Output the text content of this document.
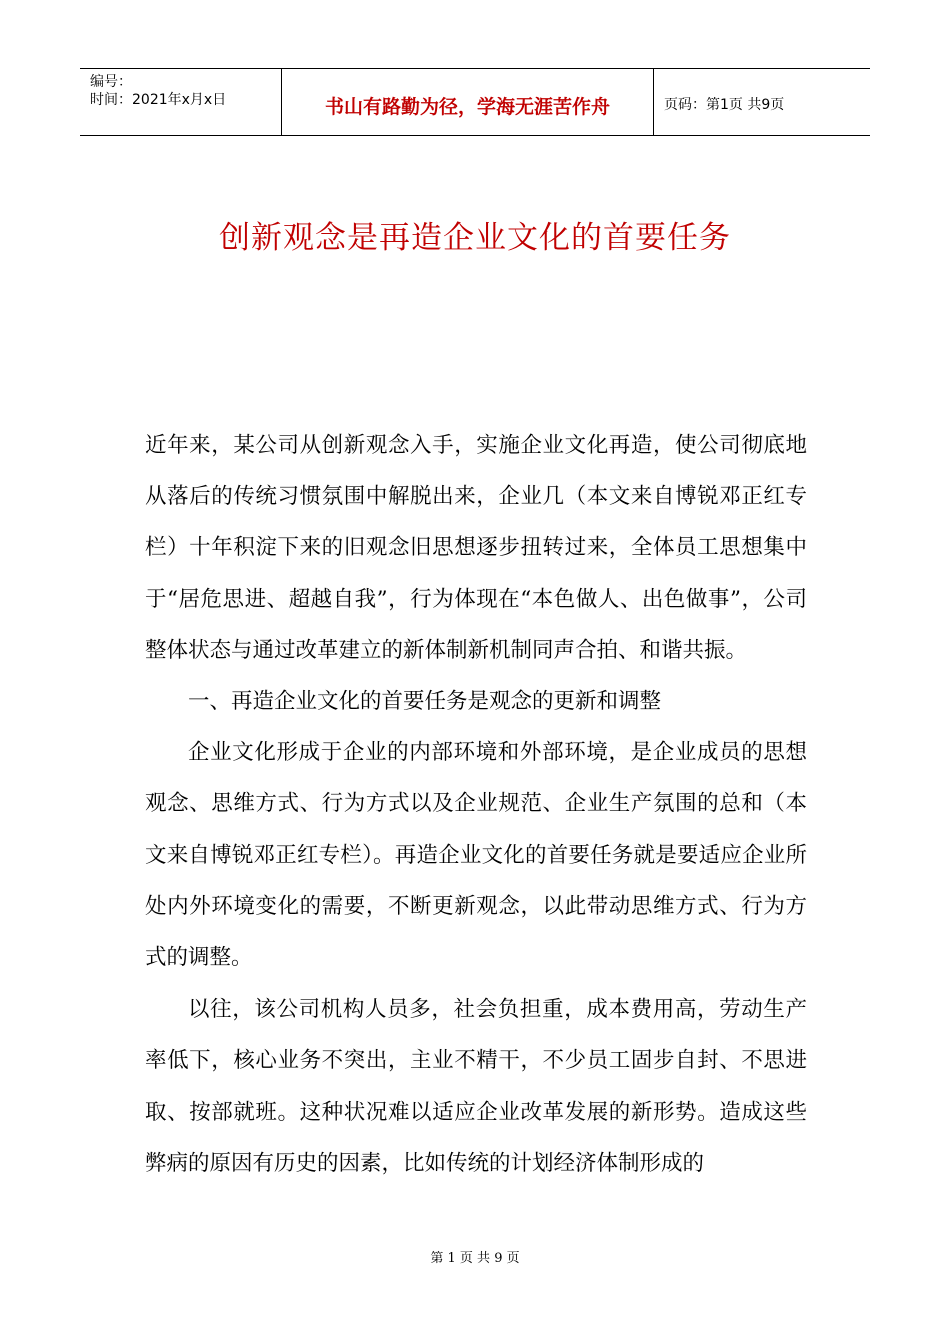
编号：
时间：2021年x月x日	书山有路勤为径，学海无涯苦作舟	页码：第1页 共9页
创新观念是再造企业文化的首要任务

近年来，某公司从创新观念入手，实施企业文化再造，使公司彻底地从落后的传统习惯氛围中解脱出来，企业几（本文来自博锐邓正红专栏）十年积淀下来的旧观念旧思想逐步扭转过来，全体员工思想集中于“居危思进、超越自我”，行为体现在“本色做人、出色做事”，公司整体状态与通过改革建立的新体制新机制同声合拍、和谐共振。

一、再造企业文化的首要任务是观念的更新和调整

企业文化形成于企业的内部环境和外部环境，是企业成员的思想观念、思维方式、行为方式以及企业规范、企业生产氛围的总和（本文来自博锐邓正红专栏）。再造企业文化的首要任务就是要适应企业所处内外环境变化的需要，不断更新观念，以此带动思维方式、行为方式的调整。

以往，该公司机构人员多，社会负担重，成本费用高，劳动生产率低下，核心业务不突出，主业不精干，不少员工固步自封、不思进取、按部就班。这种状况难以适应企业改革发展的新形势。造成这些弊病的原因有历史的因素，比如传统的计划经济体制形成的

第 1 页 共 9 页
